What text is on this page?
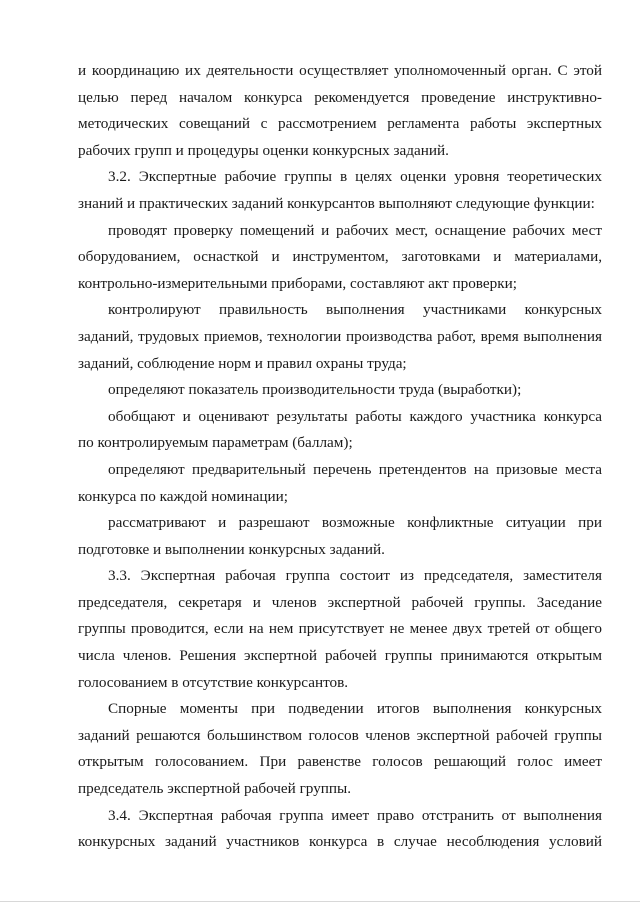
и координацию их деятельности осуществляет уполномоченный орган. С этой
целью перед началом конкурса рекомендуется проведение инструктивно-
методических совещаний с рассмотрением регламента работы экспертных
рабочих групп и процедуры оценки конкурсных заданий.
3.2. Экспертные рабочие группы в целях оценки уровня теоретических
знаний и практических заданий конкурсантов выполняют следующие функции:
проводят проверку помещений и рабочих мест, оснащение рабочих мест
оборудованием, оснасткой и инструментом, заготовками и материалами,
контрольно-измерительными приборами, составляют акт проверки;
контролируют правильность выполнения участниками конкурсных
заданий, трудовых приемов, технологии производства работ, время выполнения
заданий, соблюдение норм и правил охраны труда;
определяют показатель производительности труда (выработки);
обобщают и оценивают результаты работы каждого участника конкурса
по контролируемым параметрам (баллам);
определяют предварительный перечень претендентов на призовые места
конкурса по каждой номинации;
рассматривают и разрешают возможные конфликтные ситуации при
подготовке и выполнении конкурсных заданий.
3.3. Экспертная рабочая группа состоит из председателя, заместителя
председателя, секретаря и членов экспертной рабочей группы. Заседание
группы проводится, если на нем присутствует не менее двух третей от общего
числа членов. Решения экспертной рабочей группы принимаются открытым
голосованием в отсутствие конкурсантов.
Спорные моменты при подведении итогов выполнения конкурсных
заданий решаются большинством голосов членов экспертной рабочей группы
открытым голосованием. При равенстве голосов решающий голос имеет
председатель экспертной рабочей группы.
3.4. Экспертная рабочая группа имеет право отстранить от выполнения
конкурсных заданий участников конкурса в случае несоблюдения условий
